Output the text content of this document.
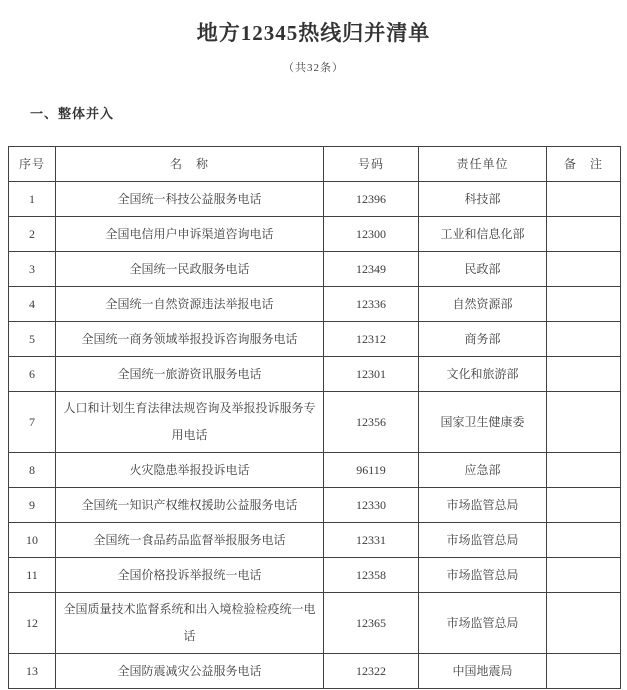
地方12345热线归并清单
（共32条）
一、整体并入
序号	名　称	号码	责任单位	备　注
1	全国统一科技公益服务电话	12396	科技部	
2	全国电信用户申诉渠道咨询电话	12300	工业和信息化部	
3	全国统一民政服务电话	12349	民政部	
4	全国统一自然资源违法举报电话	12336	自然资源部	
5	全国统一商务领域举报投诉咨询服务电话	12312	商务部	
6	全国统一旅游资讯服务电话	12301	文化和旅游部	
7	人口和计划生育法律法规咨询及举报投诉服务专用电话	12356	国家卫生健康委	
8	火灾隐患举报投诉电话	96119	应急部	
9	全国统一知识产权维权援助公益服务电话	12330	市场监管总局	
10	全国统一食品药品监督举报服务电话	12331	市场监管总局	
11	全国价格投诉举报统一电话	12358	市场监管总局	
12	全国质量技术监督系统和出入境检验检疫统一电话	12365	市场监管总局	
13	全国防震减灾公益服务电话	12322	中国地震局	
